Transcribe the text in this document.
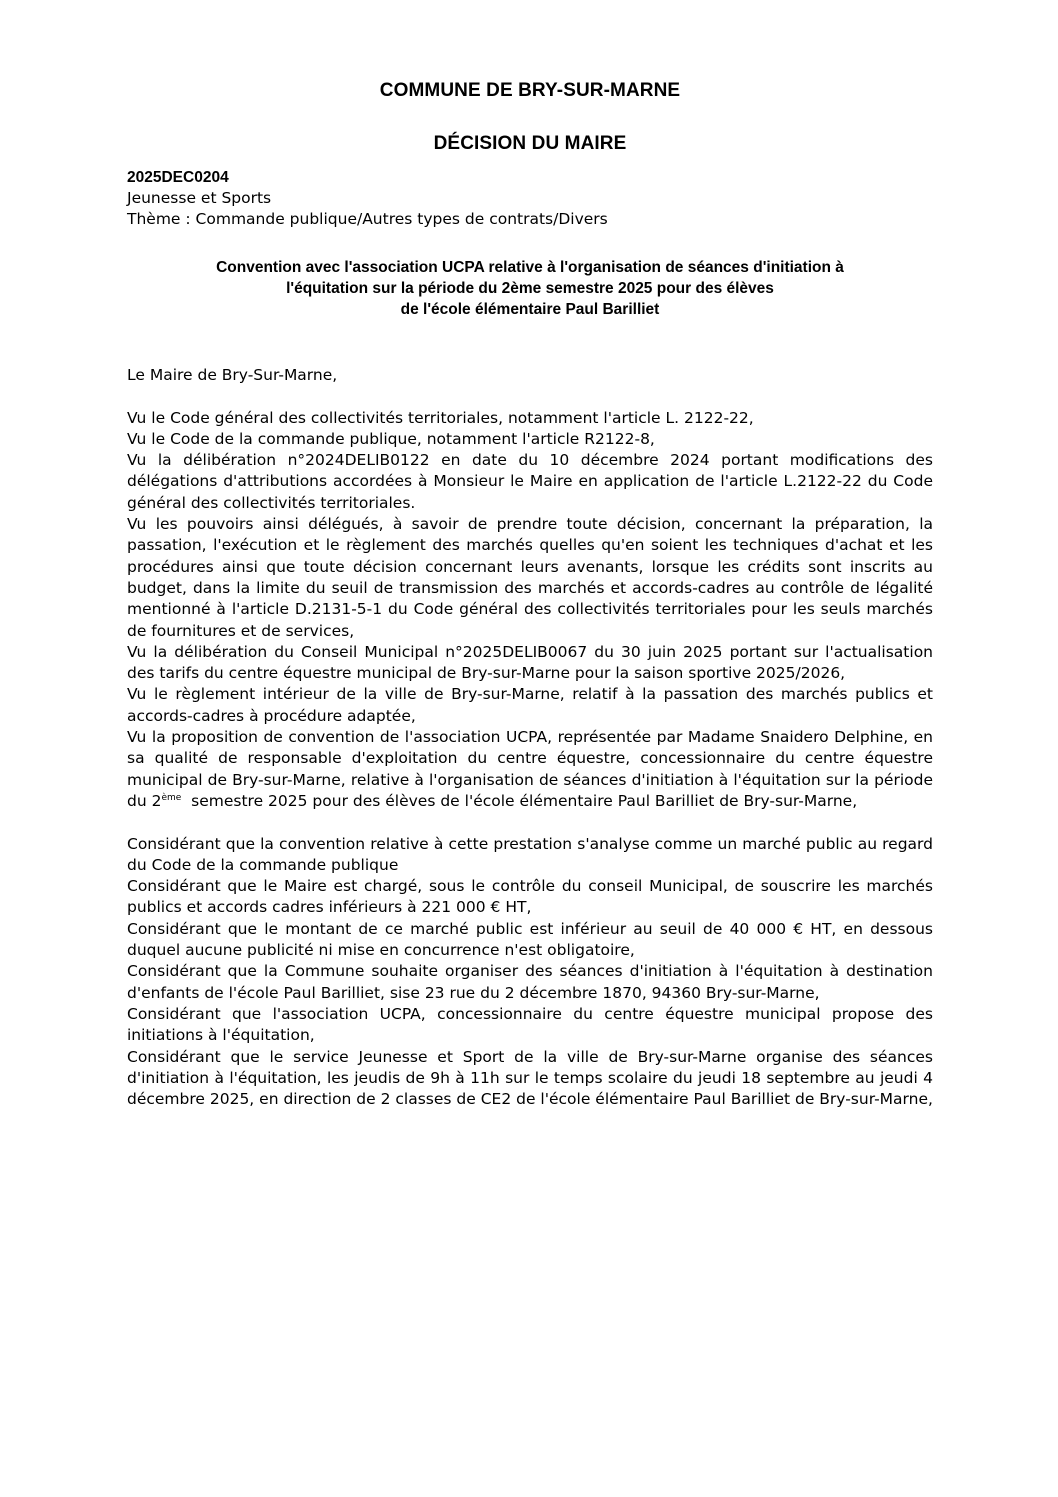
COMMUNE DE BRY-SUR-MARNE
DÉCISION DU MAIRE
2025DEC0204
Jeunesse et Sports
Thème : Commande publique/Autres types de contrats/Divers
Convention avec l'association UCPA relative à l'organisation de séances d'initiation à
l'équitation sur la période du 2ème semestre 2025 pour des élèves
de l'école élémentaire Paul Barilliet

Le Maire de Bry-Sur-Marne,

Vu le Code général des collectivités territoriales, notamment l'article L. 2122-22,

Vu le Code de la commande publique, notamment l'article R2122-8,

Vu la délibération n°2024DELIB0122 en date du 10 décembre 2024 portant modifications des délégations d'attributions accordées à Monsieur le Maire en application de l'article L.2122-22 du Code général des collectivités territoriales.

Vu les pouvoirs ainsi délégués, à savoir de prendre toute décision, concernant la préparation, la passation, l'exécution et le règlement des marchés quelles qu'en soient les techniques d'achat et les procédures ainsi que toute décision concernant leurs avenants, lorsque les crédits sont inscrits au budget, dans la limite du seuil de transmission des marchés et accords-cadres au contrôle de légalité mentionné à l'article D.2131-5-1 du Code général des collectivités territoriales pour les seuls marchés de fournitures et de services,

Vu la délibération du Conseil Municipal n°2025DELIB0067 du 30 juin 2025 portant sur l'actualisation des tarifs du centre équestre municipal de Bry-sur-Marne pour la saison sportive 2025/2026,

Vu le règlement intérieur de la ville de Bry-sur-Marne, relatif à la passation des marchés publics et accords-cadres à procédure adaptée,

Vu la proposition de convention de l'association UCPA, représentée par Madame Snaidero Delphine, en sa qualité de responsable d'exploitation du centre équestre, concessionnaire du centre équestre municipal de Bry-sur-Marne, relative à l'organisation de séances d'initiation à l'équitation sur la période du 2ème  semestre 2025 pour des élèves de l'école élémentaire Paul Barilliet de Bry-sur-Marne,

Considérant que la convention relative à cette prestation s'analyse comme un marché public au regard du Code de la commande publique

Considérant que le Maire est chargé, sous le contrôle du conseil Municipal, de souscrire les marchés publics et accords cadres inférieurs à 221 000 € HT,

Considérant que le montant de ce marché public est inférieur au seuil de 40 000 € HT, en dessous duquel aucune publicité ni mise en concurrence n'est obligatoire,

Considérant que la Commune souhaite organiser des séances d'initiation à l'équitation à destination d'enfants de l'école Paul Barilliet, sise 23 rue du 2 décembre 1870, 94360 Bry-sur-Marne,

Considérant que l'association UCPA, concessionnaire du centre équestre municipal propose des initiations à l'équitation,

Considérant que le service Jeunesse et Sport de la ville de Bry-sur-Marne organise des séances d'initiation à l'équitation, les jeudis de 9h à 11h sur le temps scolaire du jeudi 18 septembre au jeudi 4 décembre 2025, en direction de 2 classes de CE2 de l'école élémentaire Paul Barilliet de Bry-sur-Marne,
